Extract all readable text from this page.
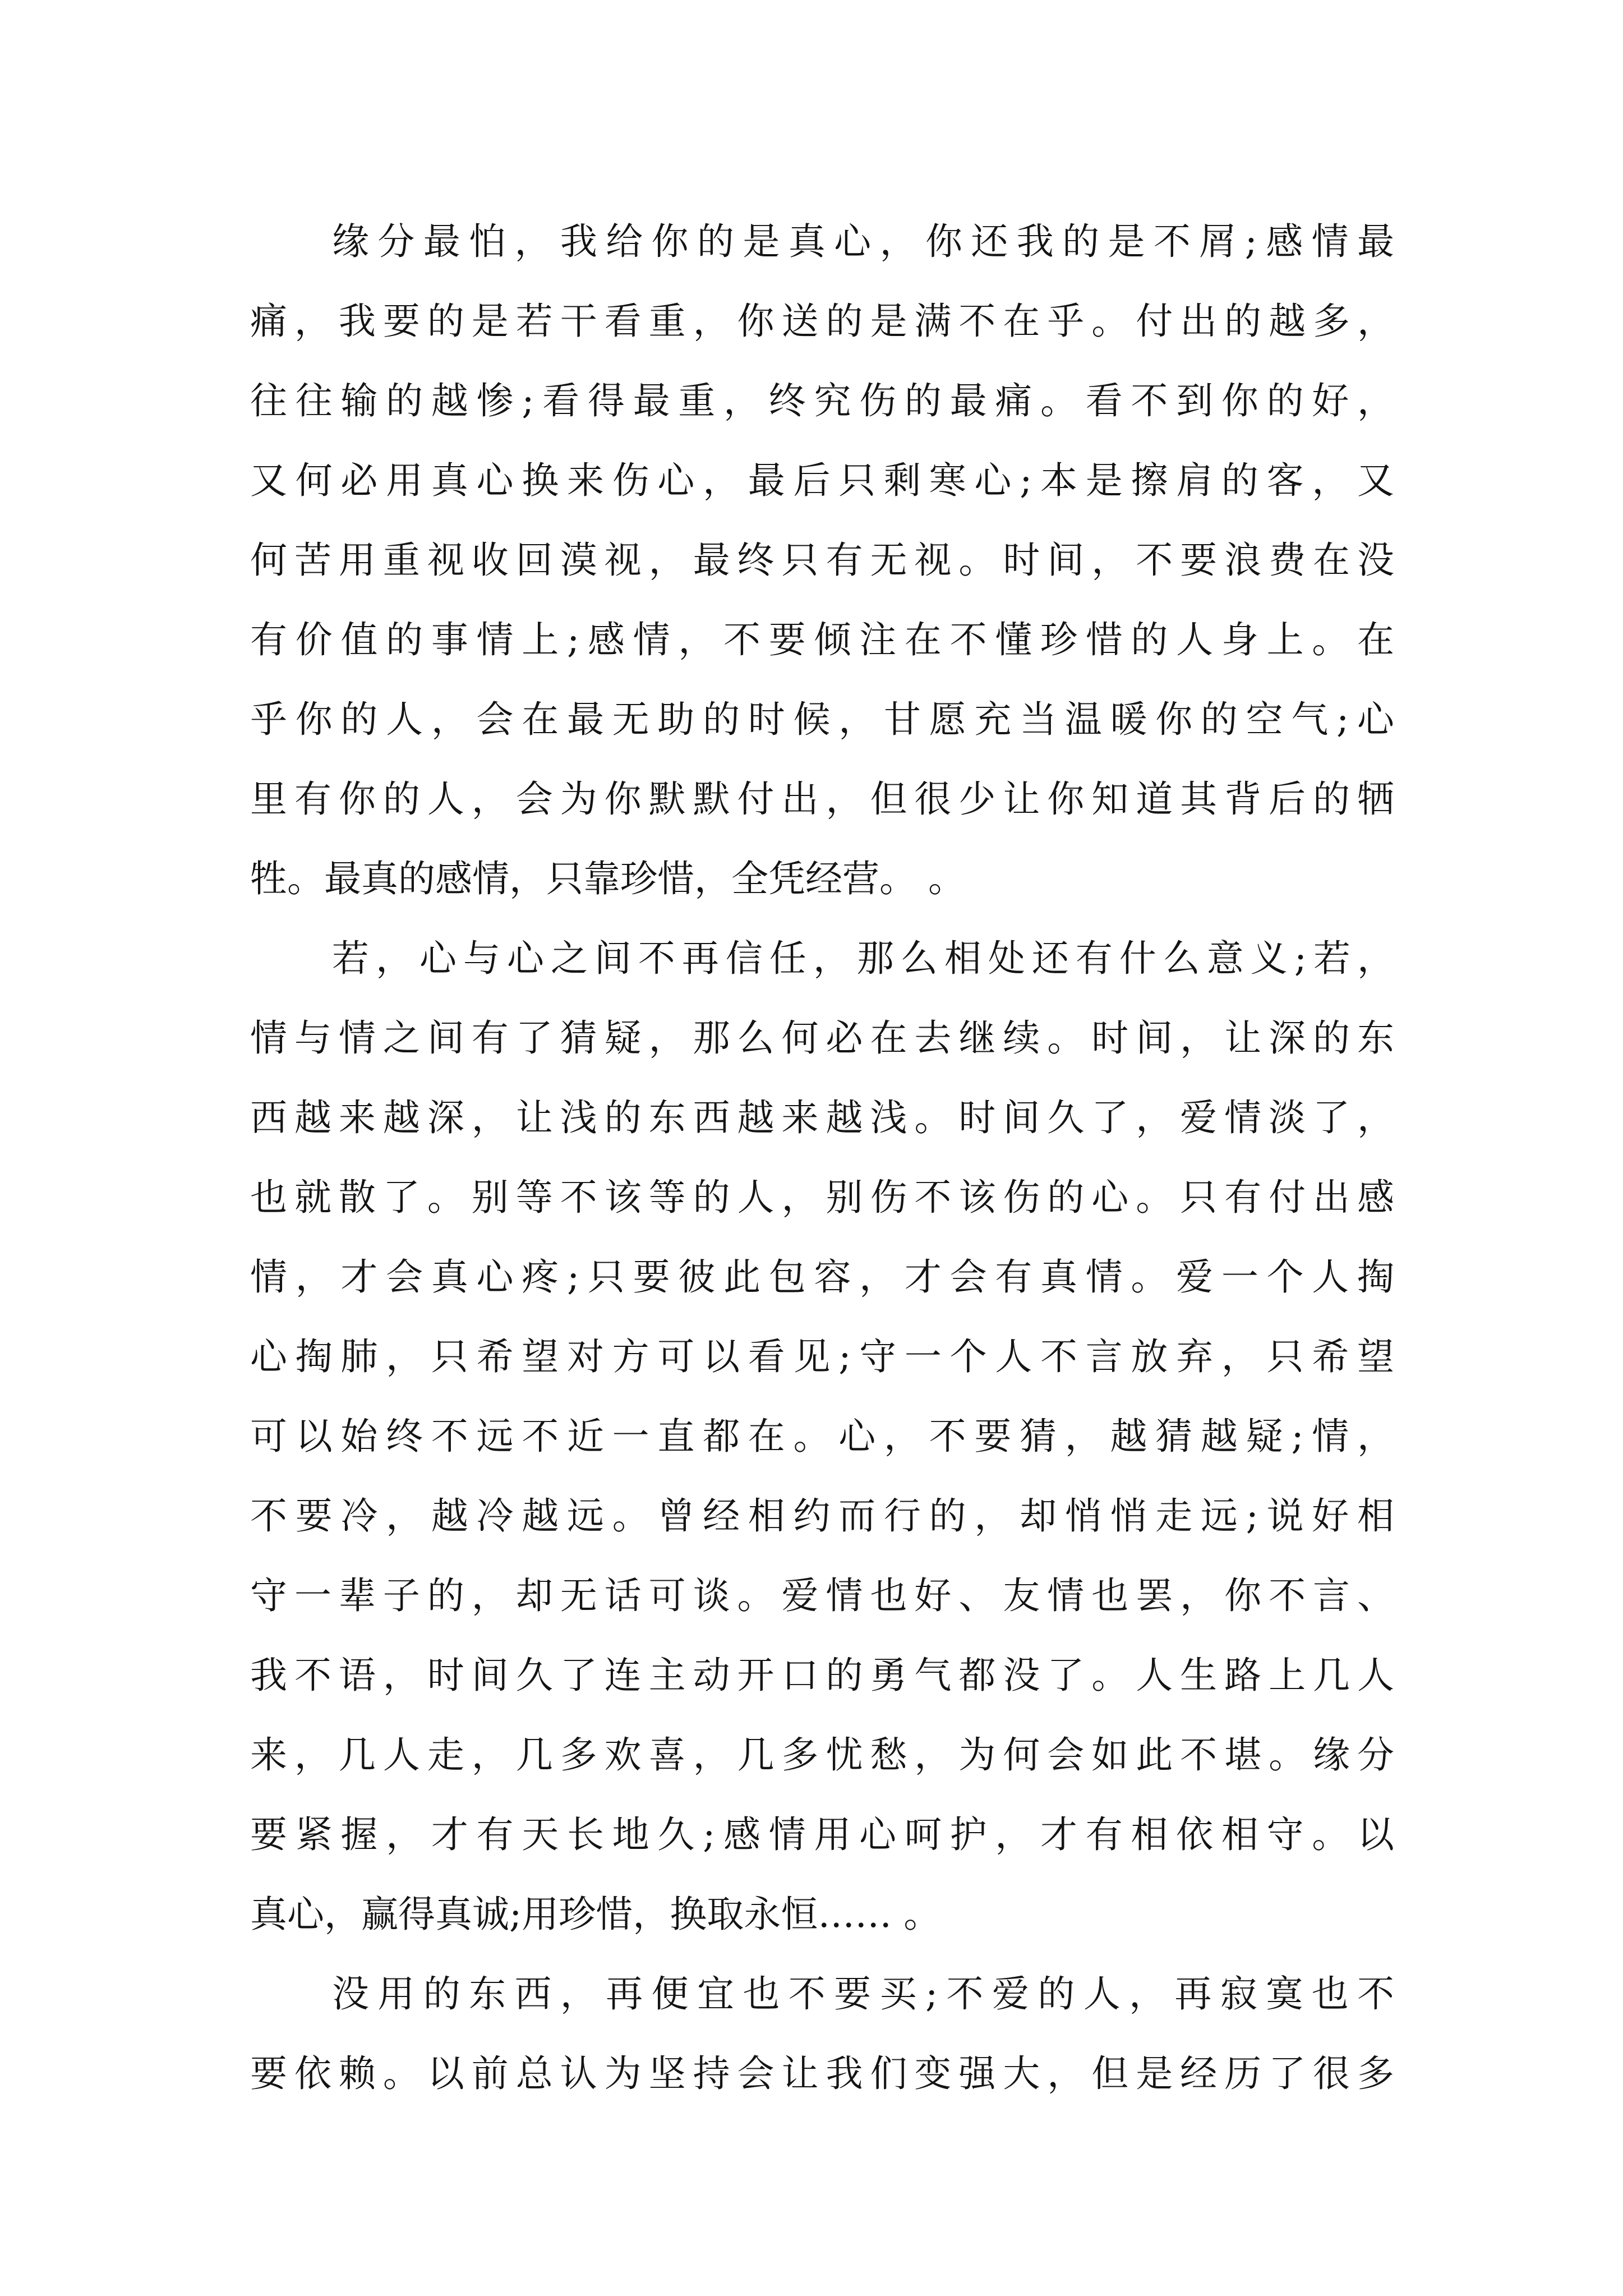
缘分最怕，我给你的是真心，你还我的是不屑;感情最
痛，我要的是若干看重，你送的是满不在乎。付出的越多，
往往输的越惨;看得最重，终究伤的最痛。看不到你的好，
又何必用真心换来伤心，最后只剩寒心;本是擦肩的客，又
何苦用重视收回漠视，最终只有无视。时间，不要浪费在没
有价值的事情上;感情，不要倾注在不懂珍惜的人身上。在
乎你的人，会在最无助的时候，甘愿充当温暖你的空气;心
里有你的人，会为你默默付出，但很少让你知道其背后的牺
牲。最真的感情，只靠珍惜，全凭经营。 。
若，心与心之间不再信任，那么相处还有什么意义;若，
情与情之间有了猜疑，那么何必在去继续。时间，让深的东
西越来越深，让浅的东西越来越浅。时间久了，爱情淡了，
也就散了。别等不该等的人，别伤不该伤的心。只有付出感
情，才会真心疼;只要彼此包容，才会有真情。爱一个人掏
心掏肺，只希望对方可以看见;守一个人不言放弃，只希望
可以始终不远不近一直都在。心，不要猜，越猜越疑;情，
不要冷，越冷越远。曾经相约而行的，却悄悄走远;说好相
守一辈子的，却无话可谈。爱情也好、友情也罢，你不言、
我不语，时间久了连主动开口的勇气都没了。人生路上几人
来，几人走，几多欢喜，几多忧愁，为何会如此不堪。缘分
要紧握，才有天长地久;感情用心呵护，才有相依相守。以
真心，赢得真诚;用珍惜，换取永恒…… 。
没用的东西，再便宜也不要买;不爱的人，再寂寞也不
要依赖。以前总认为坚持会让我们变强大，但是经历了很多
